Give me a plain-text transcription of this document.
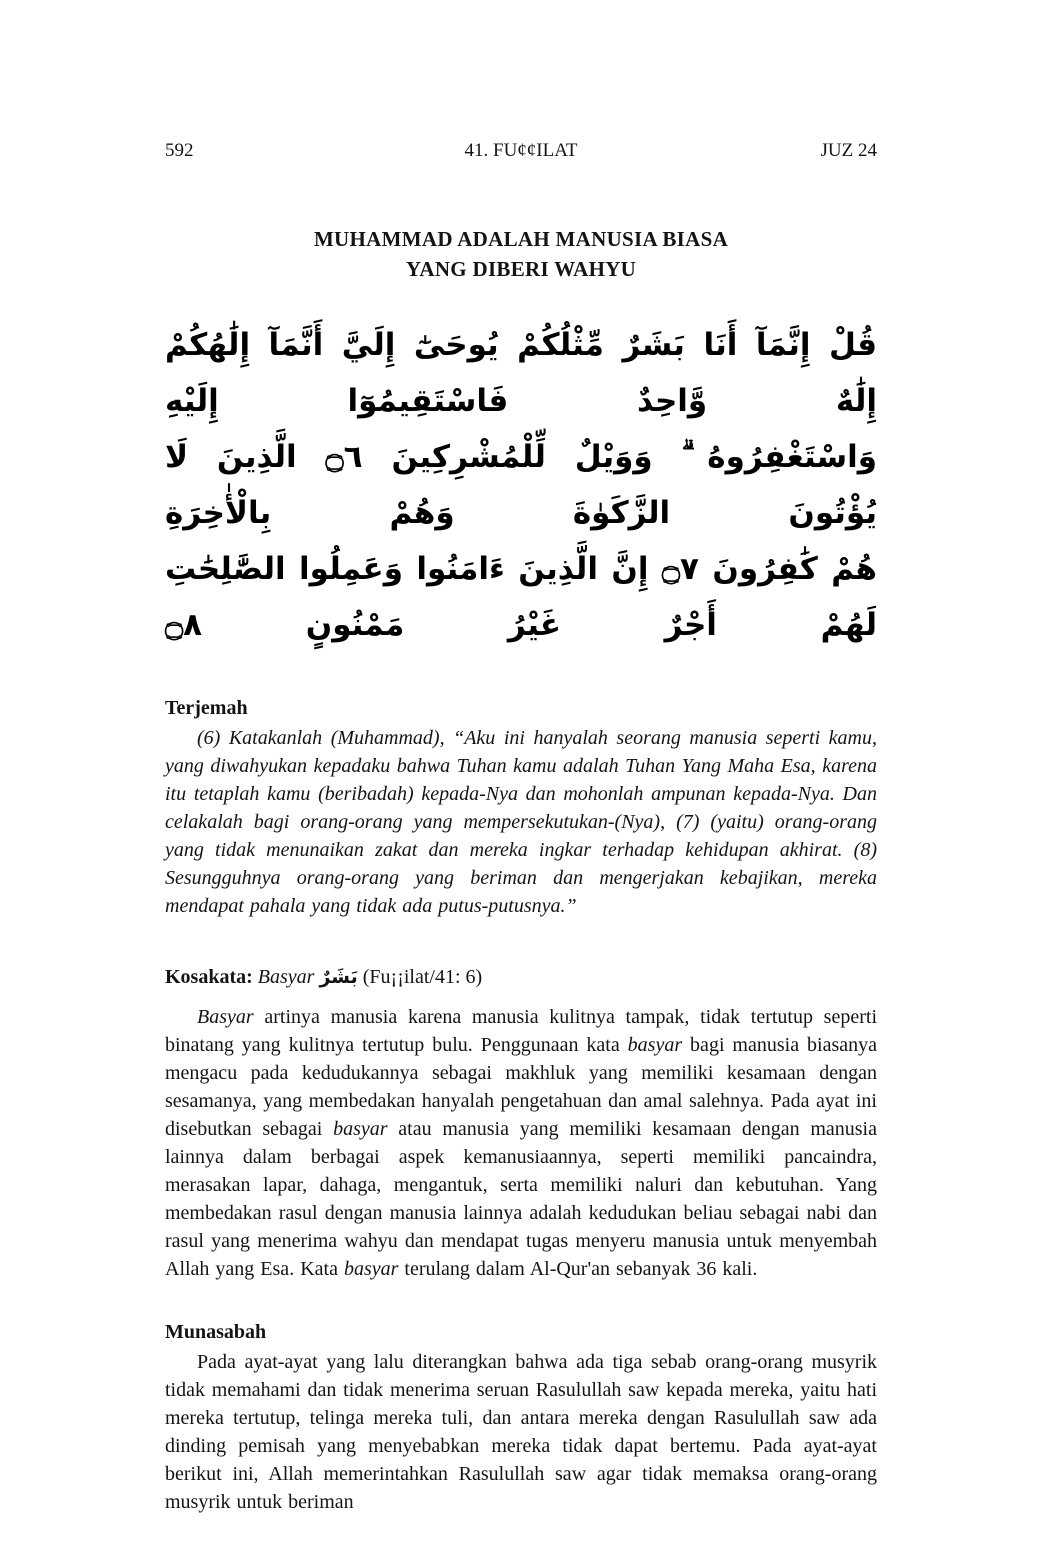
592	41. FU¢¢ILAT	JUZ 24
MUHAMMAD ADALAH MANUSIA BIASA
YANG DIBERI WAHYU

قُلْ إِنَّمَآ أَنَا بَشَرٌ مِّثْلُكُمْ يُوحَىٰٓ إِلَيَّ أَنَّمَآ إِلَٰهُكُمْ إِلَٰهٌ وَّاحِدٌ فَاسْتَقِيمُوٓا إِلَيْهِ

وَاسْتَغْفِرُوهُ ۗ وَوَيْلٌ لِّلْمُشْرِكِينَ ۝٦ الَّذِينَ لَا يُؤْتُونَ الزَّكَوٰةَ وَهُمْ بِالْأٰخِرَةِ

هُمْ كَٰفِرُونَ ۝٧ إِنَّ الَّذِينَ ءَامَنُوا وَعَمِلُوا الصَّٰلِحَٰتِ لَهُمْ أَجْرٌ غَيْرُ مَمْنُونٍ ۝٨

Terjemah

(6) Katakanlah (Muhammad), “Aku ini hanyalah seorang manusia seperti kamu, yang diwahyukan kepadaku bahwa Tuhan kamu adalah Tuhan Yang Maha Esa, karena itu tetaplah kamu (beribadah) kepada-Nya dan mohonlah ampunan kepada-Nya. Dan celakalah bagi orang-orang yang mempersekutukan-(Nya), (7) (yaitu) orang-orang yang tidak menunaikan zakat dan mereka ingkar terhadap kehidupan akhirat. (8) Sesungguhnya orang-orang yang beriman dan mengerjakan kebajikan, mereka mendapat pahala yang tidak ada putus-putusnya.”

Kosakata: Basyar بَشَرٌ (Fu¡¡ilat/41: 6)

Basyar artinya manusia karena manusia kulitnya tampak, tidak tertutup seperti binatang yang kulitnya tertutup bulu. Penggunaan kata basyar bagi manusia biasanya mengacu pada kedudukannya sebagai makhluk yang memiliki kesamaan dengan sesamanya, yang membedakan hanyalah pengetahuan dan amal salehnya. Pada ayat ini disebutkan sebagai basyar atau manusia yang memiliki kesamaan dengan manusia lainnya dalam berbagai aspek kemanusiaannya, seperti memiliki pancaindra, merasakan lapar, dahaga, mengantuk, serta memiliki naluri dan kebutuhan. Yang membedakan rasul dengan manusia lainnya adalah kedudukan beliau sebagai nabi dan rasul yang menerima wahyu dan mendapat tugas menyeru manusia untuk menyembah Allah yang Esa. Kata basyar terulang dalam Al-Qur'an sebanyak 36 kali.

Munasabah

Pada ayat-ayat yang lalu diterangkan bahwa ada tiga sebab orang-orang musyrik tidak memahami dan tidak menerima seruan Rasulullah saw kepada mereka, yaitu hati mereka tertutup, telinga mereka tuli, dan antara mereka dengan Rasulullah saw ada dinding pemisah yang menyebabkan mereka tidak dapat bertemu. Pada ayat-ayat berikut ini, Allah memerintahkan Rasulullah saw agar tidak memaksa orang-orang musyrik untuk beriman
